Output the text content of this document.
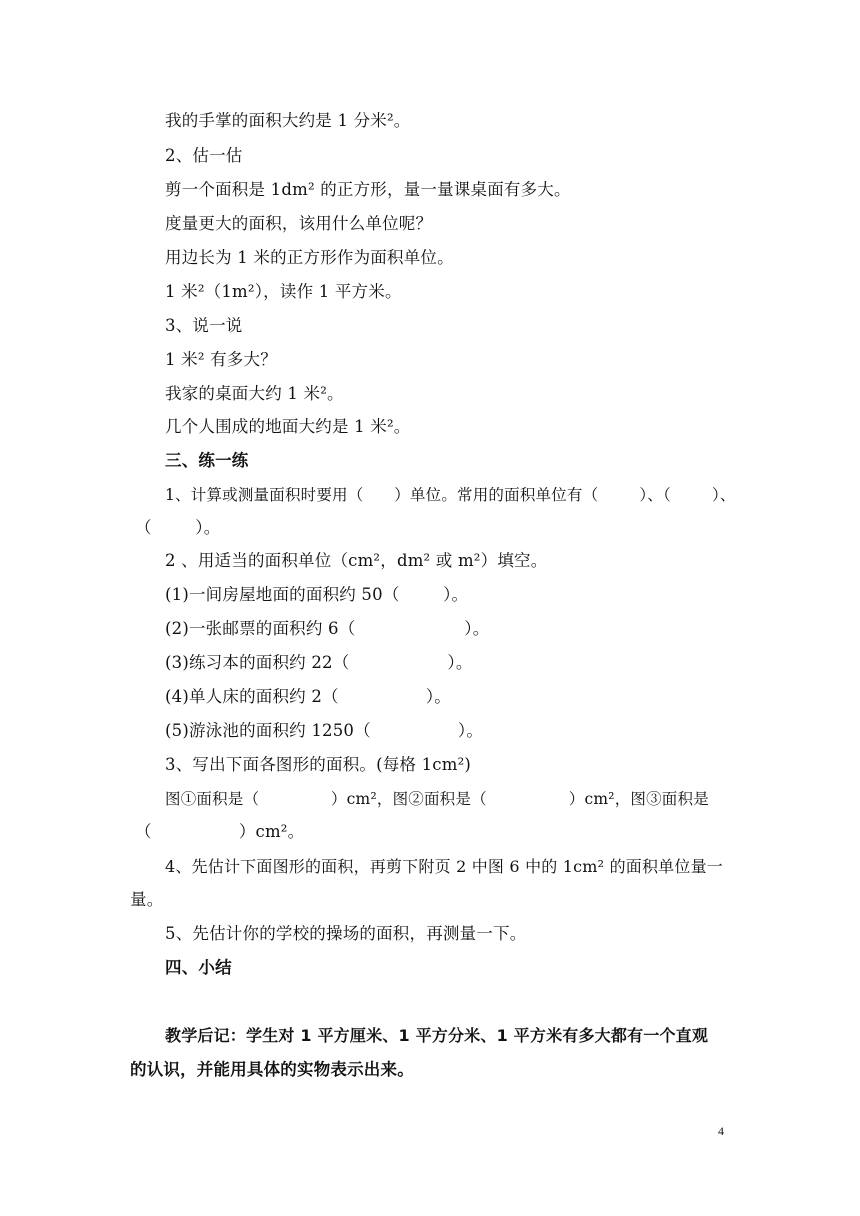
我的手掌的面积大约是 1 分米²。
2、估一估
剪一个面积是 1dm² 的正方形，量一量课桌面有多大。
度量更大的面积，该用什么单位呢？
用边长为 1 米的正方形作为面积单位。
1 米²（1m²），读作 1 平方米。
3、说一说
1 米² 有多大？
我家的桌面大约 1 米²。
几个人围成的地面大约是 1 米²。
三、练一练
1、计算或测量面积时要用（      ）单位。常用的面积单位有（        ）、（        ）、
（        ）。
2 、用适当的面积单位（cm²，dm² 或 m²）填空。
(1)一间房屋地面的面积约 50（        ）。
(2)一张邮票的面积约 6（                    ）。
(3)练习本的面积约 22（                  ）。
(4)单人床的面积约 2（                ）。
(5)游泳池的面积约 1250（                ）。
3、写出下面各图形的面积。(每格 1cm²)
图①面积是（              ）cm²，图②面积是（                ）cm²，图③面积是
（                ）cm²。
4、先估计下面图形的面积，再剪下附页 2 中图 6 中的 1cm² 的面积单位量一
量。
5、先估计你的学校的操场的面积，再测量一下。
四、小结
教学后记：学生对 1 平方厘米、1 平方分米、1 平方米有多大都有一个直观
的认识，并能用具体的实物表示出来。
4
